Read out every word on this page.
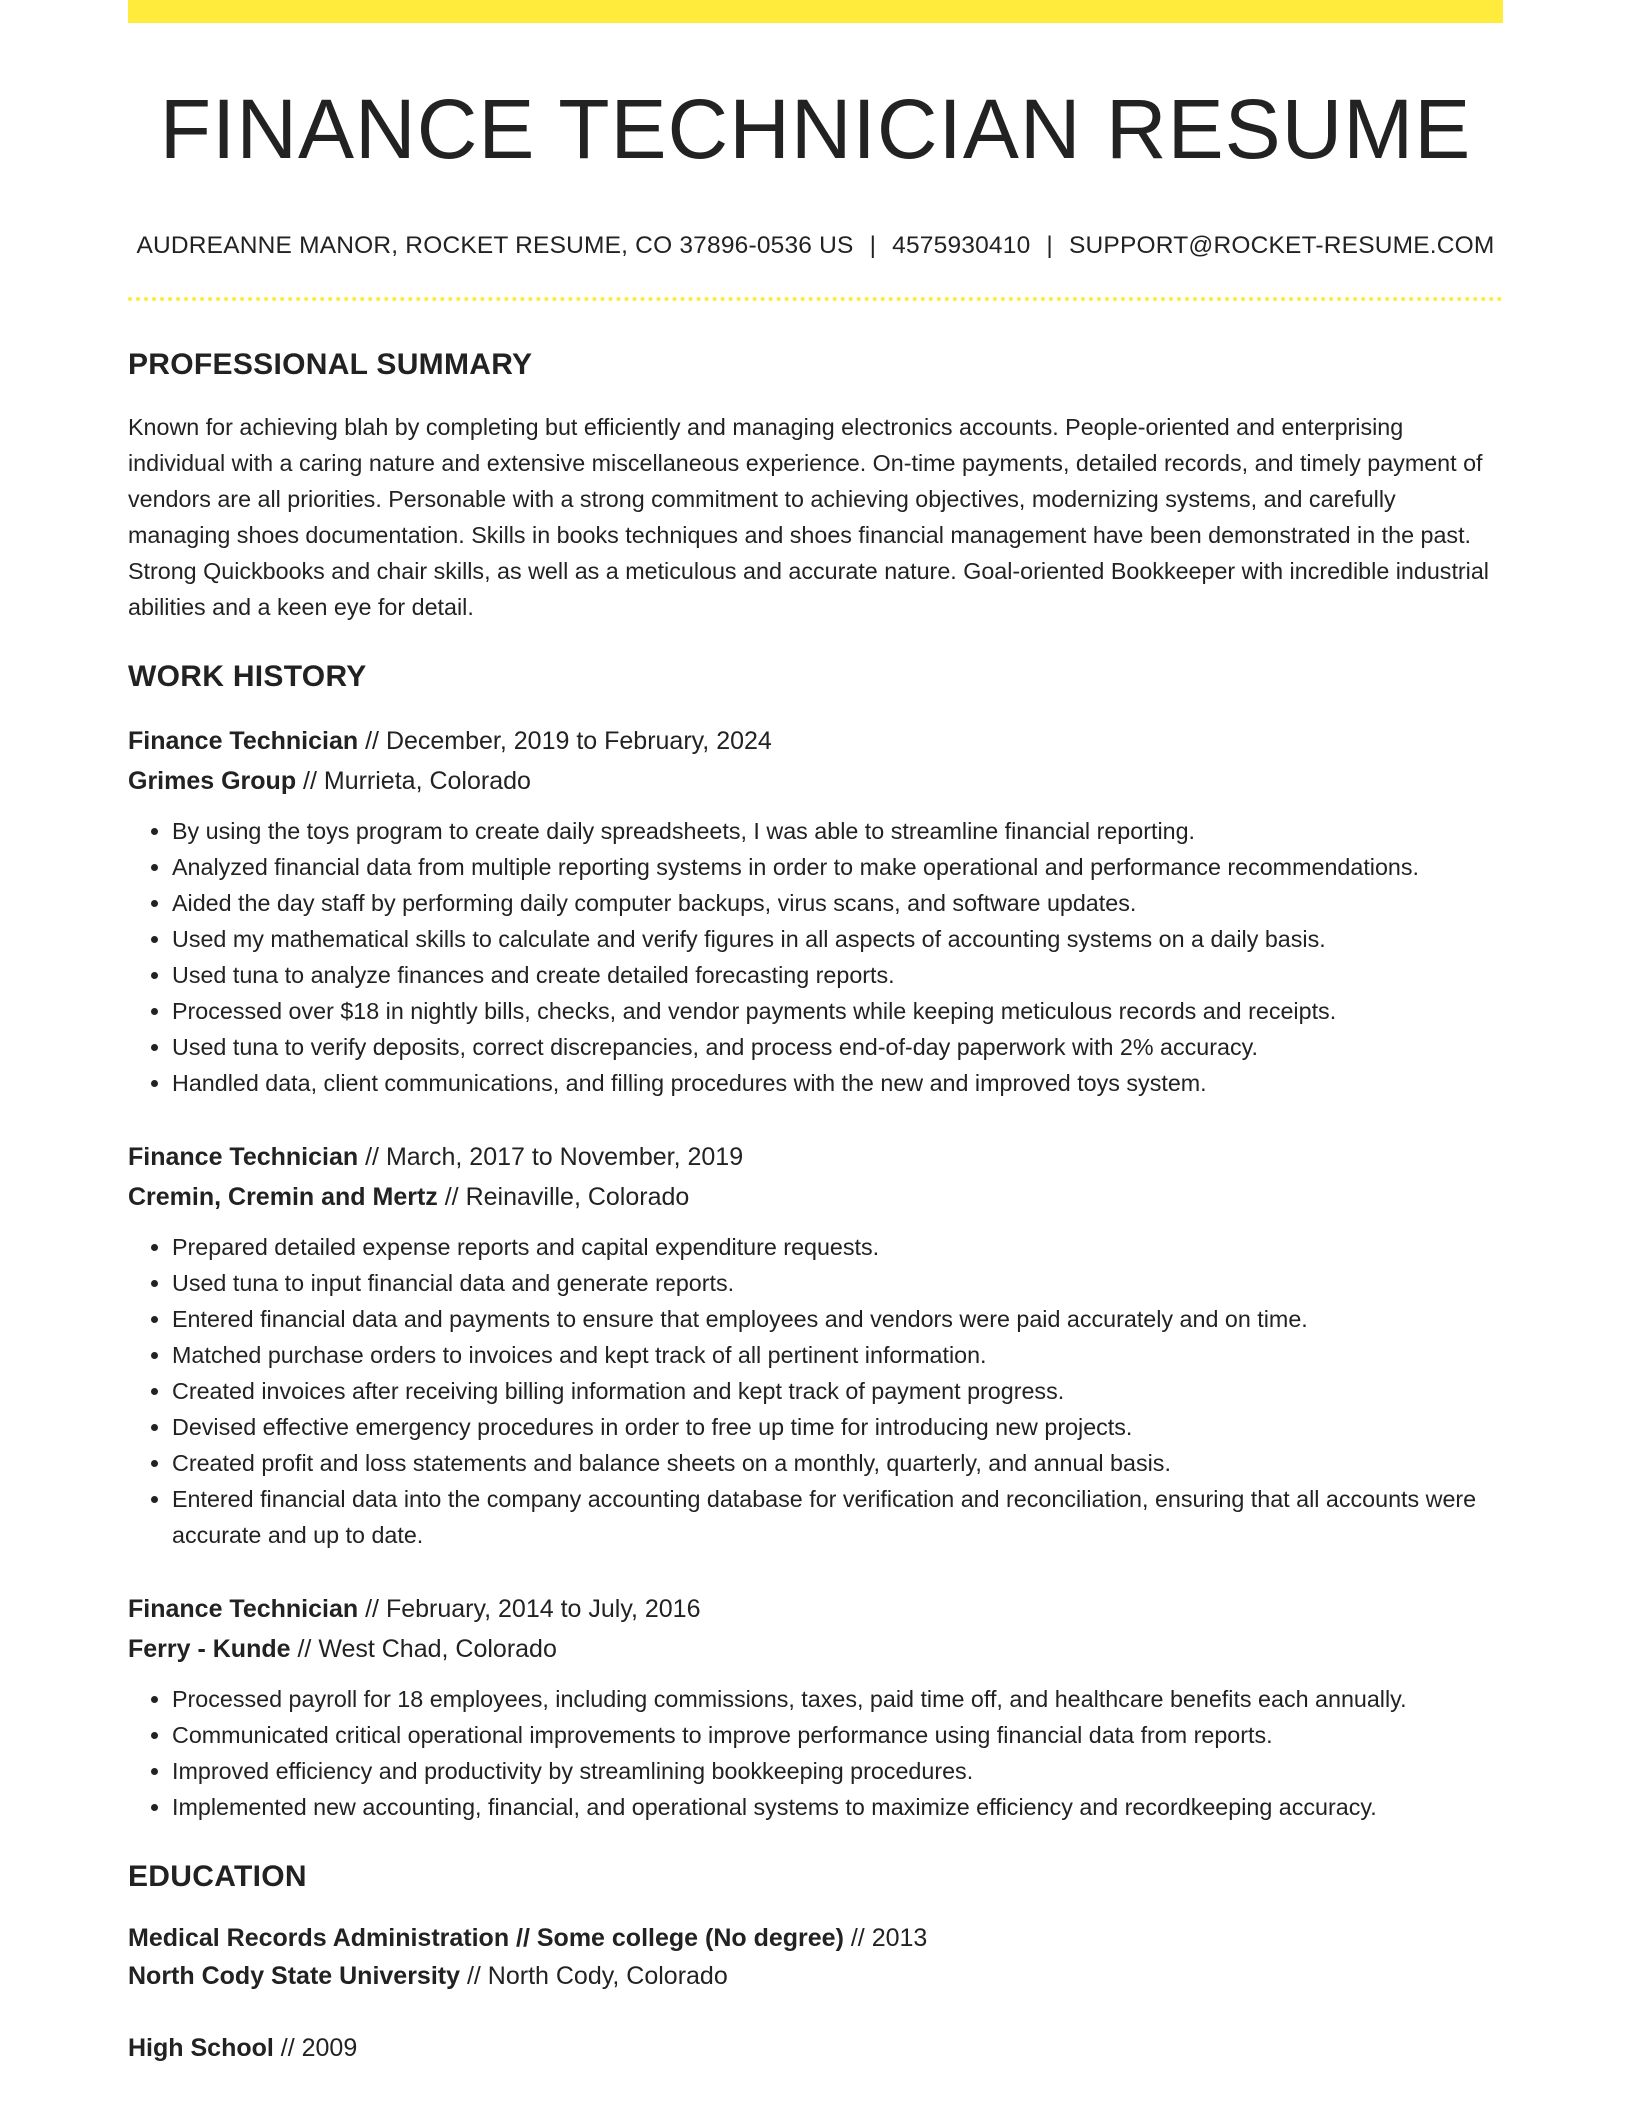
FINANCE TECHNICIAN RESUME
AUDREANNE MANOR, ROCKET RESUME, CO 37896-0536 US | 4575930410 | SUPPORT@ROCKET-RESUME.COM
PROFESSIONAL SUMMARY

Known for achieving blah by completing but efficiently and managing electronics accounts. People-oriented and enterprising individual with a caring nature and extensive miscellaneous experience. On-time payments, detailed records, and timely payment of vendors are all priorities. Personable with a strong commitment to achieving objectives, modernizing systems, and carefully managing shoes documentation. Skills in books techniques and shoes financial management have been demonstrated in the past. Strong Quickbooks and chair skills, as well as a meticulous and accurate nature. Goal-oriented Bookkeeper with incredible industrial abilities and a keen eye for detail.

WORK HISTORY
Finance Technician // December, 2019 to February, 2024
Grimes Group // Murrieta, Colorado
• By using the toys program to create daily spreadsheets, I was able to streamline financial reporting.
• Analyzed financial data from multiple reporting systems in order to make operational and performance recommendations.
• Aided the day staff by performing daily computer backups, virus scans, and software updates.
• Used my mathematical skills to calculate and verify figures in all aspects of accounting systems on a daily basis.
• Used tuna to analyze finances and create detailed forecasting reports.
• Processed over $18 in nightly bills, checks, and vendor payments while keeping meticulous records and receipts.
• Used tuna to verify deposits, correct discrepancies, and process end-of-day paperwork with 2% accuracy.
• Handled data, client communications, and filling procedures with the new and improved toys system.
Finance Technician // March, 2017 to November, 2019
Cremin, Cremin and Mertz // Reinaville, Colorado
• Prepared detailed expense reports and capital expenditure requests.
• Used tuna to input financial data and generate reports.
• Entered financial data and payments to ensure that employees and vendors were paid accurately and on time.
• Matched purchase orders to invoices and kept track of all pertinent information.
• Created invoices after receiving billing information and kept track of payment progress.
• Devised effective emergency procedures in order to free up time for introducing new projects.
• Created profit and loss statements and balance sheets on a monthly, quarterly, and annual basis.
• Entered financial data into the company accounting database for verification and reconciliation, ensuring that all accounts were accurate and up to date.
Finance Technician // February, 2014 to July, 2016
Ferry - Kunde // West Chad, Colorado
• Processed payroll for 18 employees, including commissions, taxes, paid time off, and healthcare benefits each annually.
• Communicated critical operational improvements to improve performance using financial data from reports.
• Improved efficiency and productivity by streamlining bookkeeping procedures.
• Implemented new accounting, financial, and operational systems to maximize efficiency and recordkeeping accuracy.
EDUCATION
Medical Records Administration // Some college (No degree) // 2013
North Cody State University // North Cody, Colorado
High School // 2009
